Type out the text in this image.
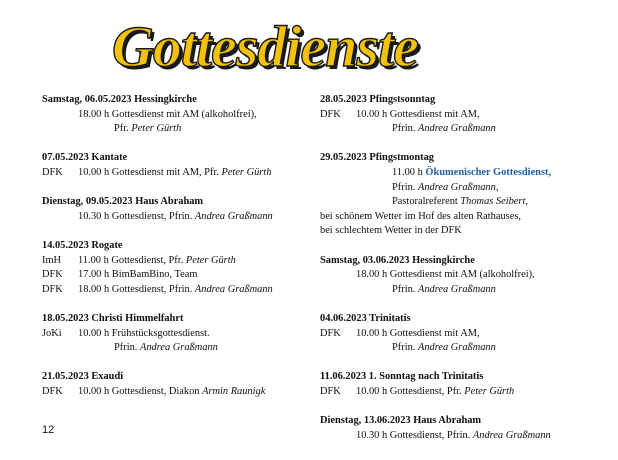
Gottesdienste
Samstag, 06.05.2023 Hessingkirche
18.00 h Gottesdienst mit AM (alkoholfrei),
Pfr. Peter Gürth
07.05.2023 Kantate
DFK 10.00 h Gottesdienst mit AM, Pfr. Peter Gürth
Dienstag, 09.05.2023 Haus Abraham
10.30 h Gottesdienst, Pfrin. Andrea Graßmann
14.05.2023 Rogate
ImH 11.00 h Gottesdienst, Pfr. Peter Gürth
DFK 17.00 h BimBamBino, Team
DFK 18.00 h Gottesdienst, Pfrin. Andrea Graßmann
18.05.2023 Christi Himmelfahrt
JoKi 10.00 h Frühstücksgottesdienst.
Pfrin. Andrea Graßmann
21.05.2023 Exaudi
DFK 10.00 h Gottesdienst, Diakon Armin Raunigk
28.05.2023 Pfingstsonntag
DFK 10.00 h Gottesdienst mit AM,
Pfrin. Andrea Graßmann
29.05.2023 Pfingstmontag
11.00 h Ökumenischer Gottesdienst,
Pfrin. Andrea Graßmann,
Pastoralreferent Thomas Seibert,
bei schönem Wetter im Hof des alten Rathauses,
bei schlechtem Wetter in der DFK
Samstag, 03.06.2023 Hessingkirche
18.00 h Gottesdienst mit AM (alkoholfrei),
Pfrin. Andrea Graßmann
04.06.2023 Trinitatis
DFK 10.00 h Gottesdienst mit AM,
Pfrin. Andrea Graßmann
11.06.2023 1. Sonntag nach Trinitatis
DFK 10.00 h Gottesdienst, Pfr. Peter Gürth
Dienstag, 13.06.2023 Haus Abraham
10.30 h Gottesdienst, Pfrin. Andrea Graßmann
12
